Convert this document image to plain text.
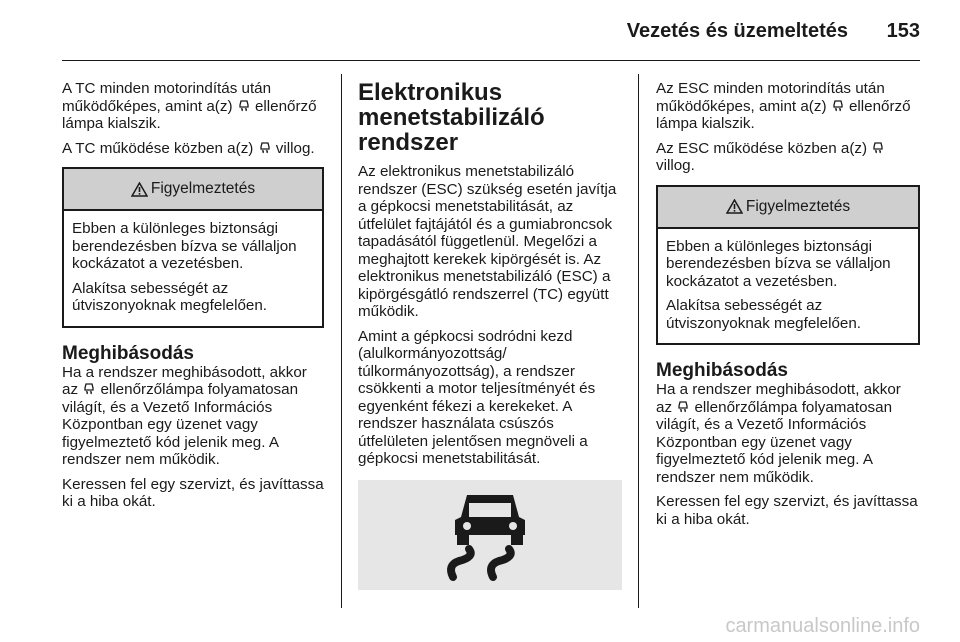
Vezetés és üzemeltetés 153

A TC minden motorindítás után működőképes, amint a(z)  ellenőrző lámpa kialszik.

A TC működése közben a(z)  villog.

Figyelmeztetés

Ebben a különleges biztonsági berendezésben bízva se vállaljon kockázatot a vezetésben.

Alakítsa sebességét az útviszonyoknak megfelelően.

Meghibásodás

Ha a rendszer meghibásodott, akkor az  ellenőrzőlámpa folyamatosan világít, és a Vezető Információs Központban egy üzenet vagy figyelmeztető kód jelenik meg. A rendszer nem működik.

Keressen fel egy szervizt, és javíttassa ki a hiba okát.

Elektronikus menetstabilizáló rendszer

Az elektronikus menetstabilizáló rendszer (ESC) szükség esetén javítja a gépkocsi menetstabilitását, az útfelület fajtájától és a gumiabroncsok tapadásától függetlenül. Megelőzi a meghajtott kerekek kipörgését is. Az elektronikus menetstabilizáló (ESC) a kipörgésgátló rendszerrel (TC) együtt működik.

Amint a gépkocsi sodródni kezd (alulkormányozottság/ túlkormányozottság), a rendszer csökkenti a motor teljesítményét és egyenként fékezi a kerekeket. A rendszer használata csúszós útfelületen jelentősen megnöveli a gépkocsi menetstabilitását.

Az ESC minden motorindítás után működőképes, amint a(z)  ellenőrző lámpa kialszik.

Az ESC működése közben a(z)
villog.

Figyelmeztetés

Ebben a különleges biztonsági berendezésben bízva se vállaljon kockázatot a vezetésben.

Alakítsa sebességét az útviszonyoknak megfelelően.

Meghibásodás

Ha a rendszer meghibásodott, akkor az  ellenőrzőlámpa folyamatosan világít, és a Vezető Információs Központban egy üzenet vagy figyelmeztető kód jelenik meg. A rendszer nem működik.

Keressen fel egy szervizt, és javíttassa ki a hiba okát.

carmanualsonline.info
